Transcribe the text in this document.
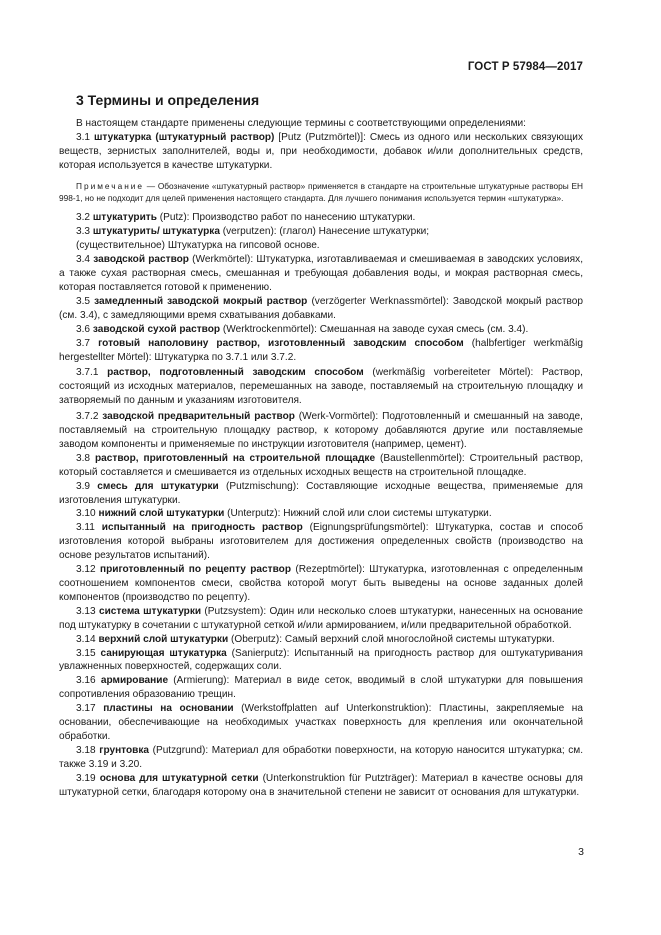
ГОСТ Р 57984—2017
3 Термины и определения

В настоящем стандарте применены следующие термины с соответствующими определениями:

3.1 штукатурка (штукатурный раствор) [Putz (Putzmörtel)]: Смесь из одного или нескольких связующих веществ, зернистых заполнителей, воды и, при необходимости, добавок и/или дополнительных средств, которая используется в качестве штукатурки.

Примечание — Обозначение «штукатурный раствор» применяется в стандарте на строительные штукатурные растворы ЕН 998-1, но не подходит для целей применения настоящего стандарта. Для лучшего понимания используется термин «штукатурка».

3.2 штукатурить (Putz): Производство работ по нанесению штукатурки.

3.3 штукатурить/ штукатурка (verputzen): (глагол) Нанесение штукатурки;

(существительное) Штукатурка на гипсовой основе.

3.4 заводской раствор (Werkmörtel): Штукатурка, изготавливаемая и смешиваемая в заводских условиях, а также сухая растворная смесь, смешанная и требующая добавления воды, и мокрая растворная смесь, которая поставляется готовой к применению.

3.5 замедленный заводской мокрый раствор (verzögerter Werknassmörtel): Заводской мокрый раствор (см. 3.4), с замедляющими время схватывания добавками.

3.6 заводской сухой раствор (Werktrockenmörtel): Смешанная на заводе сухая смесь (см. 3.4).

3.7 готовый наполовину раствор, изготовленный заводским способом (halbfertiger werkmäßig hergestellter Mörtel): Штукатурка по 3.7.1 или 3.7.2.

3.7.1 раствор, подготовленный заводским способом (werkmäßig vorbereiteter Mörtel): Раствор, состоящий из исходных материалов, перемешанных на заводе, поставляемый на строительную площадку и затворяемый по данным и указаниям изготовителя.

3.7.2 заводской предварительный раствор (Werk-Vormörtel): Подготовленный и смешанный на заводе, поставляемый на строительную площадку раствор, к которому добавляются другие или поставляемые заводом компоненты и применяемые по инструкции изготовителя (например, цемент).

3.8 раствор, приготовленный на строительной площадке (Baustellenmörtel): Строительный раствор, который составляется и смешивается из отдельных исходных веществ на строительной площадке.

3.9 смесь для штукатурки (Putzmischung): Составляющие исходные вещества, применяемые для изготовления штукатурки.

3.10 нижний слой штукатурки (Unterputz): Нижний слой или слои системы штукатурки.

3.11 испытанный на пригодность раствор (Eignungsprüfungsmörtel): Штукатурка, состав и способ изготовления которой выбраны изготовителем для достижения определенных свойств (производство на основе результатов испытаний).

3.12 приготовленный по рецепту раствор (Rezeptmörtel): Штукатурка, изготовленная с определенным соотношением компонентов смеси, свойства которой могут быть выведены на основе заданных долей компонентов (производство по рецепту).

3.13 система штукатурки (Putzsystem): Один или несколько слоев штукатурки, нанесенных на основание под штукатурку в сочетании с штукатурной сеткой и/или армированием, и/или предварительной обработкой.

3.14 верхний слой штукатурки (Oberputz): Самый верхний слой многослойной системы штукатурки.

3.15 санирующая штукатурка (Sanierputz): Испытанный на пригодность раствор для оштукатуривания увлажненных поверхностей, содержащих соли.

3.16 армирование (Armierung): Материал в виде сеток, вводимый в слой штукатурки для повышения сопротивления образованию трещин.

3.17 пластины на основании (Werkstoffplatten auf Unterkonstruktion): Пластины, закрепляемые на основании, обеспечивающие на необходимых участках поверхность для крепления или окончательной обработки.

3.18 грунтовка (Putzgrund): Материал для обработки поверхности, на которую наносится штукатурка; см. также 3.19 и 3.20.

3.19 основа для штукатурной сетки (Unterkonstruktion für Putzträger): Материал в качестве основы для штукатурной сетки, благодаря которому она в значительной степени не зависит от основания для штукатурки.

3
